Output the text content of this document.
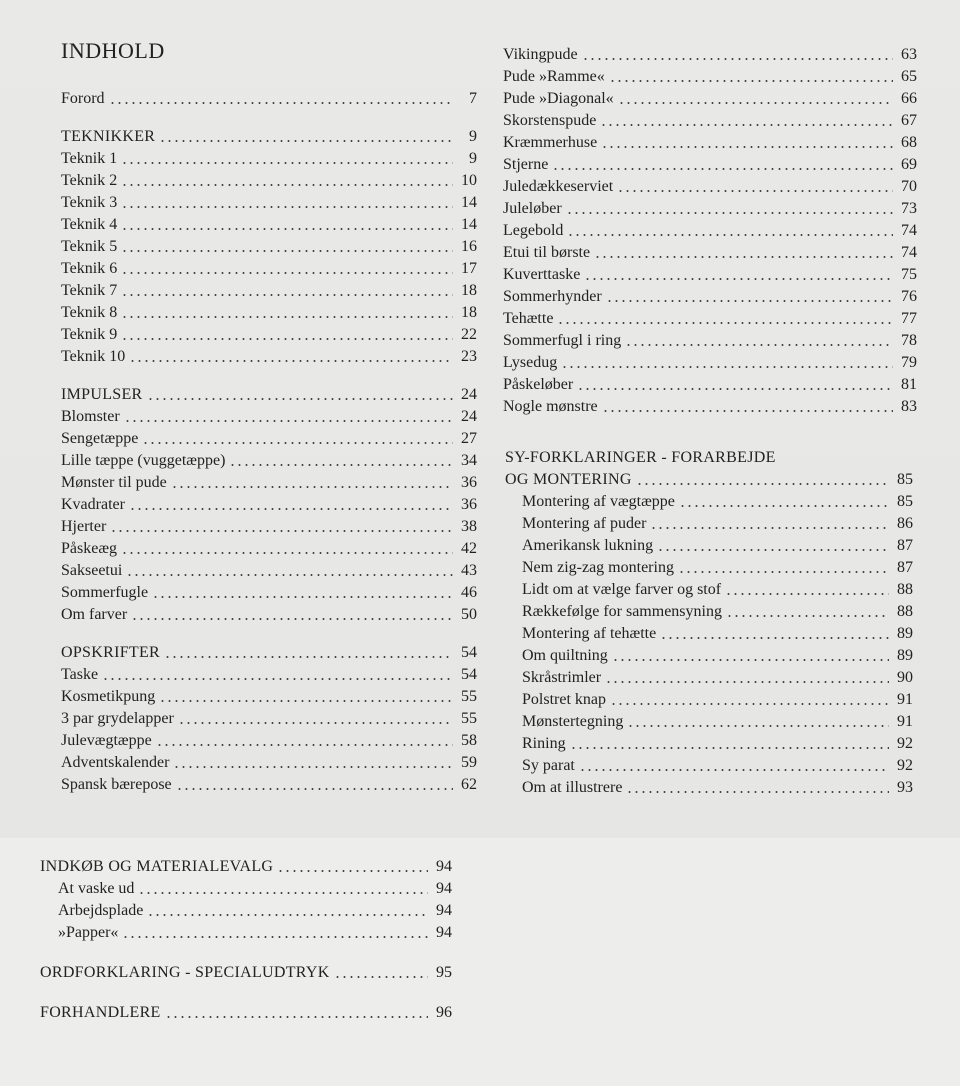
INDHOLD
Forord	7
TEKNIKKER	9
Teknik 1	9
Teknik 2	10
Teknik 3	14
Teknik 4	14
Teknik 5	16
Teknik 6	17
Teknik 7	18
Teknik 8	18
Teknik 9	22
Teknik 10	23
IMPULSER	24
Blomster	24
Sengetæppe	27
Lille tæppe (vuggetæppe)	34
Mønster til pude	36
Kvadrater	36
Hjerter	38
Påskeæg	42
Sakseetui	43
Sommerfugle	46
Om farver	50
OPSKRIFTER	54
Taske	54
Kosmetikpung	55
3 par grydelapper	55
Julevægtæppe	58
Adventskalender	59
Spansk bærepose	62
Vikingpude	63
Pude »Ramme«	65
Pude »Diagonal«	66
Skorstenspude	67
Kræmmerhuse	68
Stjerne	69
Juledækkeserviet	70
Juleløber	73
Legebold	74
Etui til børste	74
Kuverttaske	75
Sommerhynder	76
Tehætte	77
Sommerfugl i ring	78
Lysedug	79
Påskeløber	81
Nogle mønstre	83
SY-FORKLARINGER - FORARBEJDE
OG MONTERING	85
Montering af vægtæppe	85
Montering af puder	86
Amerikansk lukning	87
Nem zig-zag montering	87
Lidt om at vælge farver og stof	88
Rækkefølge for sammensyning	88
Montering af tehætte	89
Om quiltning	89
Skråstrimler	90
Polstret knap	91
Mønstertegning	91
Rining	92
Sy parat	92
Om at illustrere	93
INDKØB OG MATERIALEVALG	94
At vaske ud	94
Arbejdsplade	94
»Papper«	94
ORDFORKLARING - SPECIALUDTRYK	95
FORHANDLERE	96
